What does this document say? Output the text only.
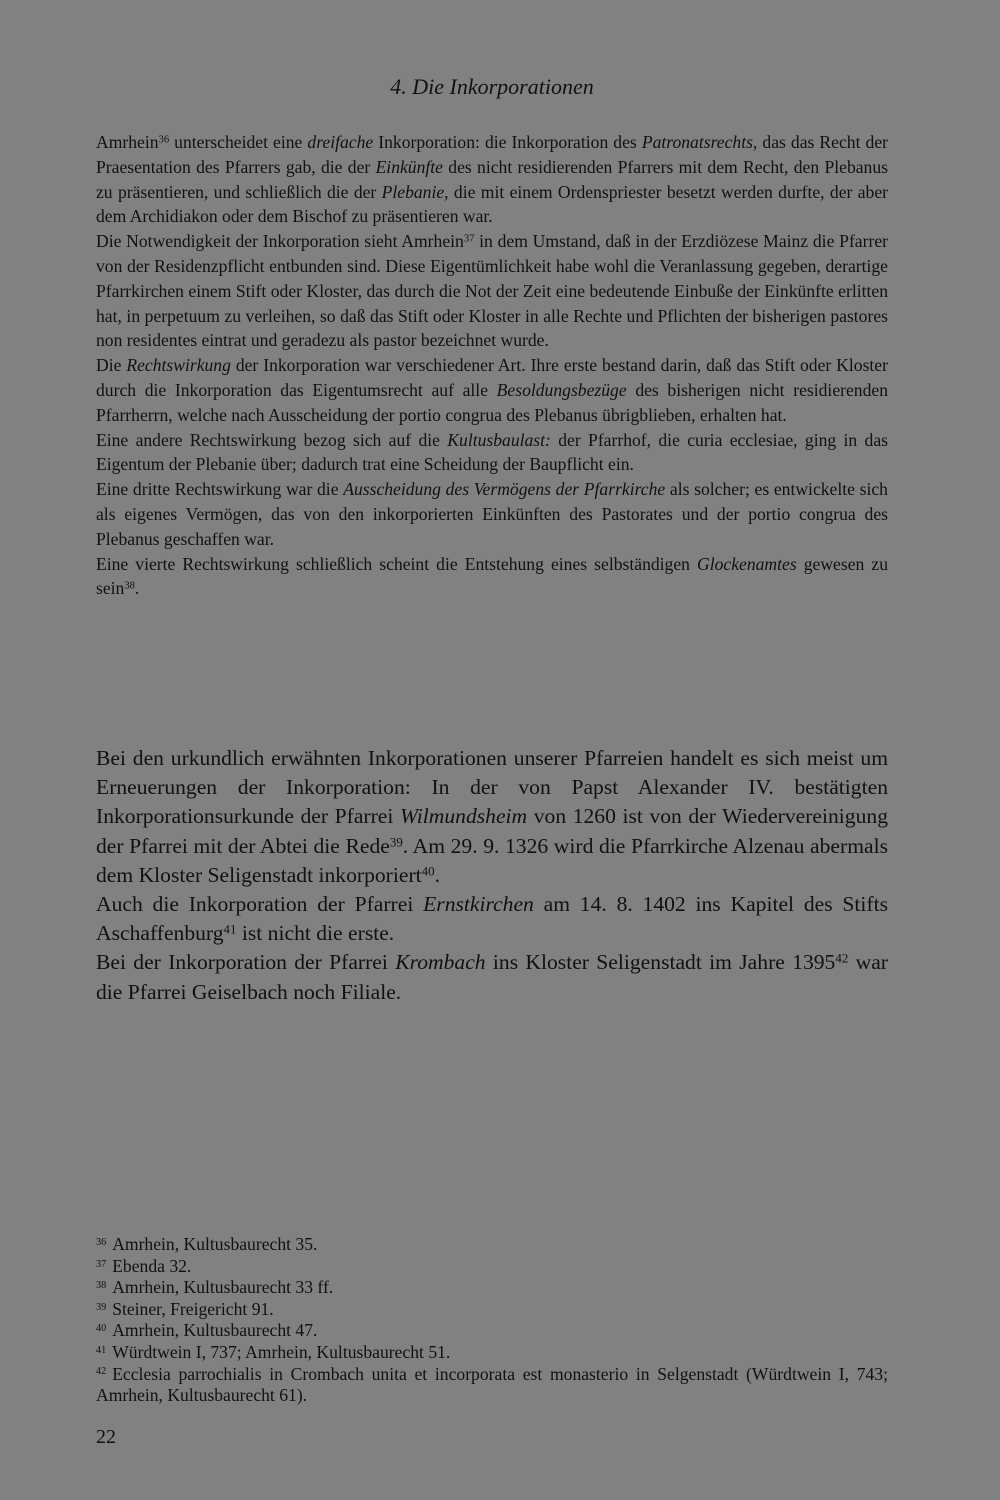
4. Die Inkorporationen

Amrhein$^{36}$ unterscheidet eine dreifache Inkorporation: die Inkorporation des Patronatsrechts, das das Recht der Praesentation des Pfarrers gab, die der Einkünfte des nicht residierenden Pfarrers mit dem Recht, den Plebanus zu präsentieren, und schließlich die der Plebanie, die mit einem Ordenspriester besetzt werden durfte, der aber dem Archidiakon oder dem Bischof zu präsentieren war.

Die Notwendigkeit der Inkorporation sieht Amrhein$^{37}$ in dem Umstand, daß in der Erzdiözese Mainz die Pfarrer von der Residenzpflicht entbunden sind. Diese Eigentümlichkeit habe wohl die Veranlassung gegeben, derartige Pfarrkirchen einem Stift oder Kloster, das durch die Not der Zeit eine bedeutende Einbuße der Einkünfte erlitten hat, in perpetuum zu verleihen, so daß das Stift oder Kloster in alle Rechte und Pflichten der bisherigen pastores non residentes eintrat und geradezu als pastor bezeichnet wurde.

Die Rechtswirkung der Inkorporation war verschiedener Art. Ihre erste bestand darin, daß das Stift oder Kloster durch die Inkorporation das Eigentumsrecht auf alle Besoldungsbezüge des bisherigen nicht residierenden Pfarrherrn, welche nach Ausscheidung der portio congrua des Plebanus übrigblieben, erhalten hat.

Eine andere Rechtswirkung bezog sich auf die Kultusbaulast: der Pfarrhof, die curia ecclesiae, ging in das Eigentum der Plebanie über; dadurch trat eine Scheidung der Baupflicht ein.

Eine dritte Rechtswirkung war die Ausscheidung des Vermögens der Pfarrkirche als solcher; es entwickelte sich als eigenes Vermögen, das von den inkorporierten Einkünften des Pastorates und der portio congrua des Plebanus geschaffen war.

Eine vierte Rechtswirkung schließlich scheint die Entstehung eines selbständigen Glockenamtes gewesen zu sein$^{38}$.

Bei den urkundlich erwähnten Inkorporationen unserer Pfarreien handelt es sich meist um Erneuerungen der Inkorporation: In der von Papst Alexander IV. bestätigten Inkorporationsurkunde der Pfarrei Wilmundsheim von 1260 ist von der Wiedervereinigung der Pfarrei mit der Abtei die Rede$^{39}$. Am 29. 9. 1326 wird die Pfarrkirche Alzenau abermals dem Kloster Seligenstadt inkorporiert$^{40}$.

Auch die Inkorporation der Pfarrei Ernstkirchen am 14. 8. 1402 ins Kapitel des Stifts Aschaffenburg$^{41}$ ist nicht die erste.

Bei der Inkorporation der Pfarrei Krombach ins Kloster Seligenstadt im Jahre 1395$^{42}$ war die Pfarrei Geiselbach noch Filiale.

$^{36}$ Amrhein, Kultusbaurecht 35.
$^{37}$ Ebenda 32.
$^{38}$ Amrhein, Kultusbaurecht 33 ff.
$^{39}$ Steiner, Freigericht 91.
$^{40}$ Amrhein, Kultusbaurecht 47.
$^{41}$ Würdtwein I, 737; Amrhein, Kultusbaurecht 51.
$^{42}$ Ecclesia parrochialis in Crombach unita et incorporata est monasterio in Selgenstadt (Würdtwein I, 743; Amrhein, Kultusbaurecht 61).
22
